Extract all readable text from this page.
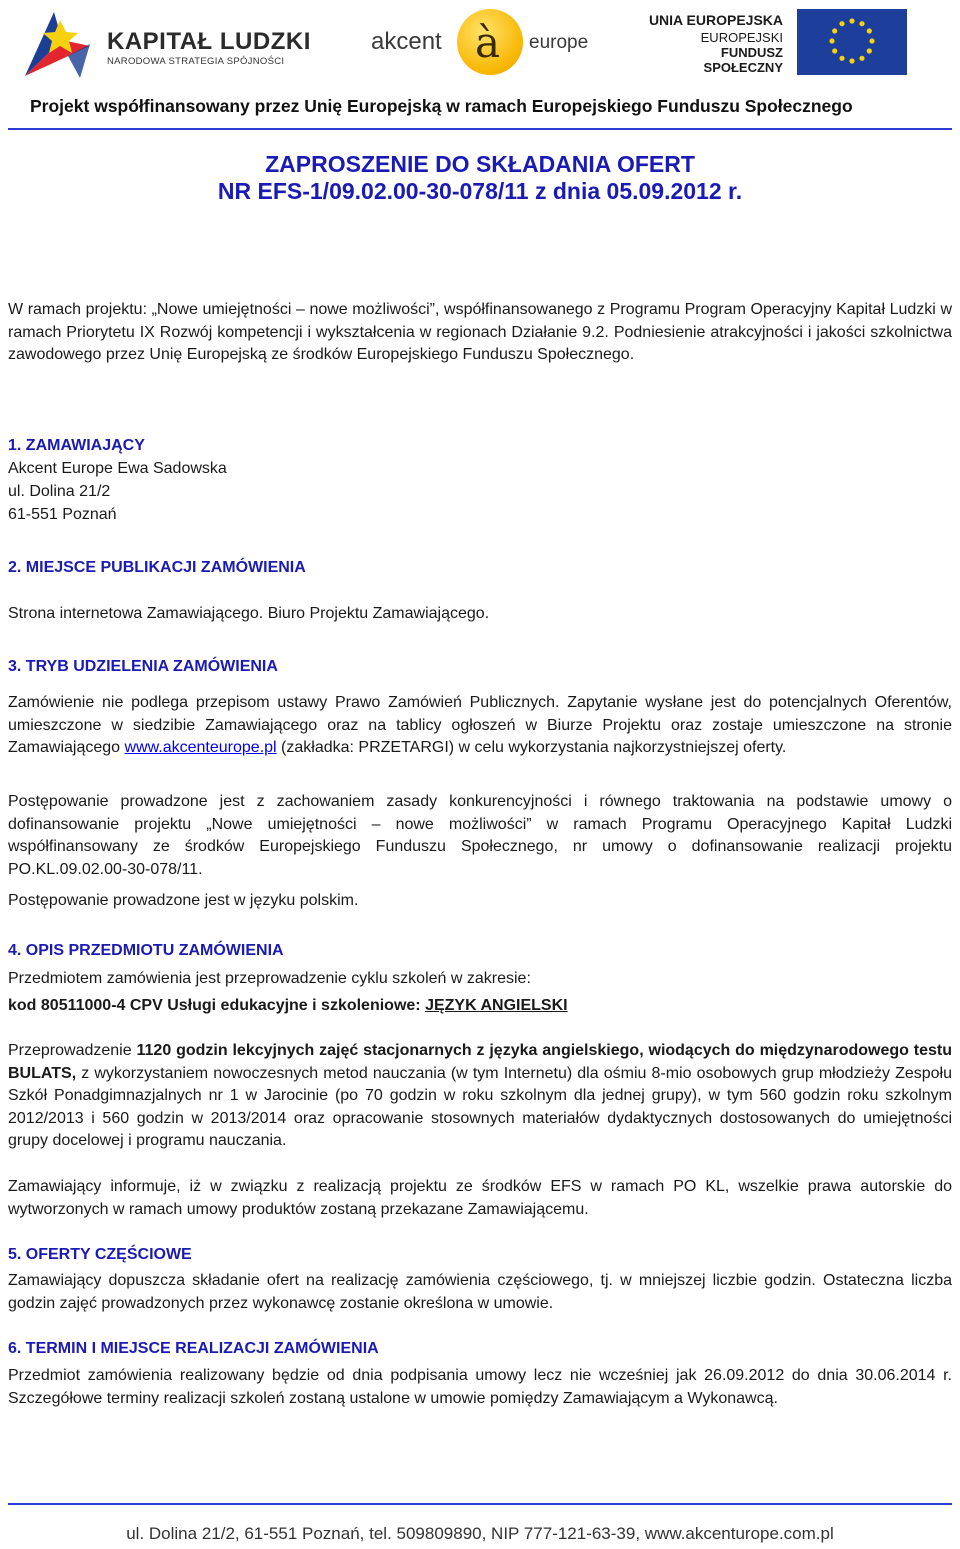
KAPITAŁ LUDZKI
NARODOWA STRATEGIA SPÓJNOŚCI
akcent à europe
UNIA EUROPEJSKA
EUROPEJSKI
FUNDUSZ SPOŁECZNY
Projekt współfinansowany przez Unię Europejską w ramach Europejskiego Funduszu Społecznego
ZAPROSZENIE DO SKŁADANIA OFERT
NR EFS-1/09.02.00-30-078/11 z dnia 05.09.2012 r.
W ramach projektu: „Nowe umiejętności – nowe możliwości”, współfinansowanego z Programu Program Operacyjny Kapitał Ludzki w ramach Priorytetu IX Rozwój kompetencji i wykształcenia w regionach Działanie 9.2. Podniesienie atrakcyjności i jakości szkolnictwa zawodowego przez Unię Europejską ze środków Europejskiego Funduszu Społecznego.
1. ZAMAWIAJĄCY
Akcent Europe Ewa Sadowska
ul. Dolina 21/2
61-551 Poznań
2. MIEJSCE PUBLIKACJI ZAMÓWIENIA
Strona internetowa Zamawiającego. Biuro Projektu Zamawiającego.
3. TRYB UDZIELENIA ZAMÓWIENIA
Zamówienie nie podlega przepisom ustawy Prawo Zamówień Publicznych. Zapytanie wysłane jest do potencjalnych Oferentów, umieszczone w siedzibie Zamawiającego oraz na tablicy ogłoszeń w Biurze Projektu oraz zostaje umieszczone na stronie Zamawiającego www.akcenteurope.pl (zakładka: PRZETARGI) w celu wykorzystania najkorzystniejszej oferty.
Postępowanie prowadzone jest z zachowaniem zasady konkurencyjności i równego traktowania na podstawie umowy o dofinansowanie projektu „Nowe umiejętności – nowe możliwości” w ramach Programu Operacyjnego Kapitał Ludzki współfinansowany ze środków Europejskiego Funduszu Społecznego, nr umowy o dofinansowanie realizacji projektu PO.KL.09.02.00-30-078/11.
Postępowanie prowadzone jest w języku polskim.
4. OPIS PRZEDMIOTU ZAMÓWIENIA
Przedmiotem zamówienia jest przeprowadzenie cyklu szkoleń w zakresie:
kod 80511000-4 CPV Usługi edukacyjne i szkoleniowe: JĘZYK ANGIELSKI
Przeprowadzenie 1120 godzin lekcyjnych zajęć stacjonarnych z języka angielskiego, wiodących do międzynarodowego testu BULATS, z wykorzystaniem nowoczesnych metod nauczania (w tym Internetu) dla ośmiu 8-mio osobowych grup młodzieży Zespołu Szkół Ponadgimnazjalnych nr 1 w Jarocinie (po 70 godzin w roku szkolnym dla jednej grupy), w tym 560 godzin roku szkolnym 2012/2013 i 560 godzin w 2013/2014 oraz opracowanie stosownych materiałów dydaktycznych dostosowanych do umiejętności grupy docelowej i programu nauczania.
Zamawiający informuje, iż w związku z realizacją projektu ze środków EFS w ramach PO KL, wszelkie prawa autorskie do wytworzonych w ramach umowy produktów zostaną przekazane Zamawiającemu.
5. OFERTY CZĘŚCIOWE
Zamawiający dopuszcza składanie ofert na realizację zamówienia częściowego, tj. w mniejszej liczbie godzin. Ostateczna liczba godzin zajęć prowadzonych przez wykonawcę zostanie określona w umowie.
6. TERMIN I MIEJSCE REALIZACJI ZAMÓWIENIA
Przedmiot zamówienia realizowany będzie od dnia podpisania umowy lecz nie wcześniej jak 26.09.2012 do dnia 30.06.2014 r. Szczegółowe terminy realizacji szkoleń zostaną ustalone w umowie pomiędzy Zamawiającym a Wykonawcą.
ul. Dolina 21/2, 61-551 Poznań, tel. 509809890, NIP 777-121-63-39, www.akcenturope.com.pl
